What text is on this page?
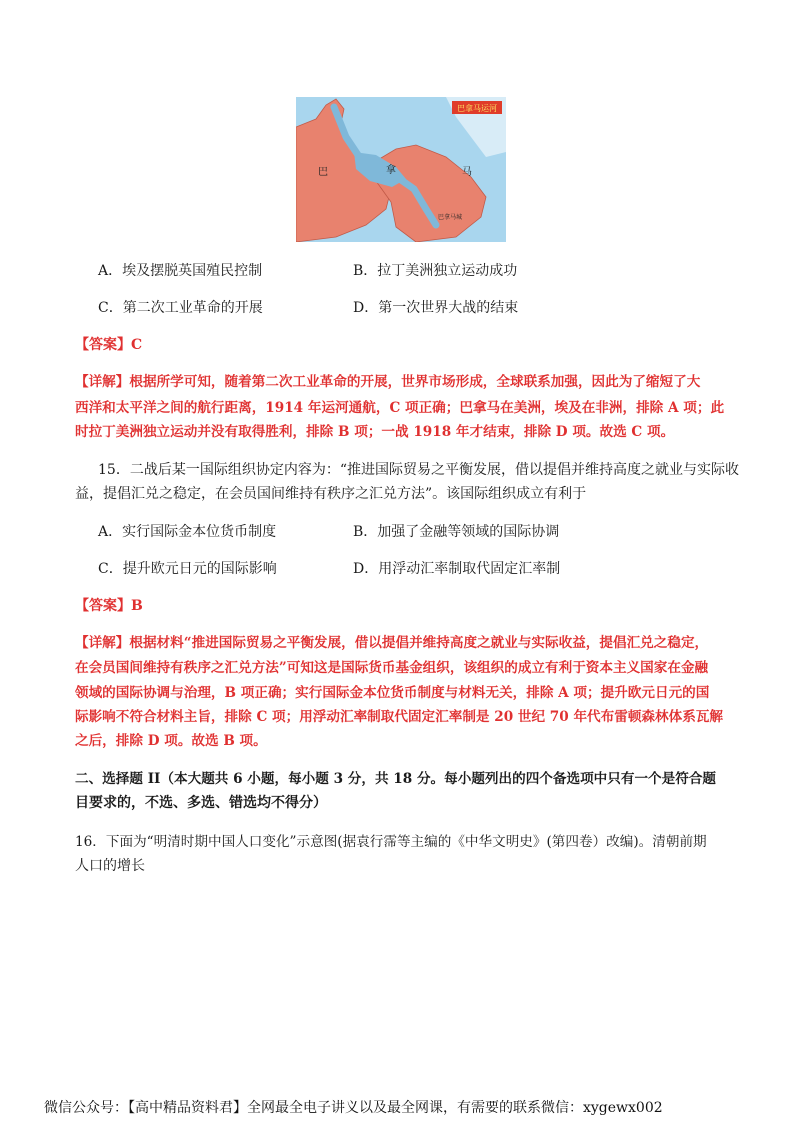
巴拿马运河
巴	拿	马
巴拿马城
A．埃及摆脱英国殖民控制	B．拉丁美洲独立运动成功
C．第二次工业革命的开展	D．第一次世界大战的结束
【答案】C
【详解】根据所学可知，随着第二次工业革命的开展，世界市场形成，全球联系加强，因此为了缩短了大
西洋和太平洋之间的航行距离，1914 年运河通航，C 项正确；巴拿马在美洲，埃及在非洲，排除 A 项；此
时拉丁美洲独立运动并没有取得胜利，排除 B 项；一战 1918 年才结束，排除 D 项。故选 C 项。
15．二战后某一国际组织协定内容为：“推进国际贸易之平衡发展，借以提倡并维持高度之就业与实际收
益，提倡汇兑之稳定，在会员国间维持有秩序之汇兑方法”。该国际组织成立有利于
A．实行国际金本位货币制度	B．加强了金融等领域的国际协调
C．提升欧元日元的国际影响	D．用浮动汇率制取代固定汇率制
【答案】B
【详解】根据材料“推进国际贸易之平衡发展，借以提倡并维持高度之就业与实际收益，提倡汇兑之稳定，
在会员国间维持有秩序之汇兑方法”可知这是国际货币基金组织，该组织的成立有利于资本主义国家在金融
领域的国际协调与治理，B 项正确；实行国际金本位货币制度与材料无关，排除 A 项；提升欧元日元的国
际影响不符合材料主旨，排除 C 项；用浮动汇率制取代固定汇率制是 20 世纪 70 年代布雷顿森林体系瓦解
之后，排除 D 项。故选 B 项。
二、选择题 II（本大题共 6 小题，每小题 3 分，共 18 分。每小题列出的四个备选项中只有一个是符合题
目要求的，不选、多选、错选均不得分）
16．下面为“明清时期中国人口变化”示意图(据袁行霈等主编的《中华文明史》(第四卷）改编)。清朝前期
人口的增长
微信公众号：【高中精品资料君】全网最全电子讲义以及最全网课，有需要的联系微信：xygewx002
